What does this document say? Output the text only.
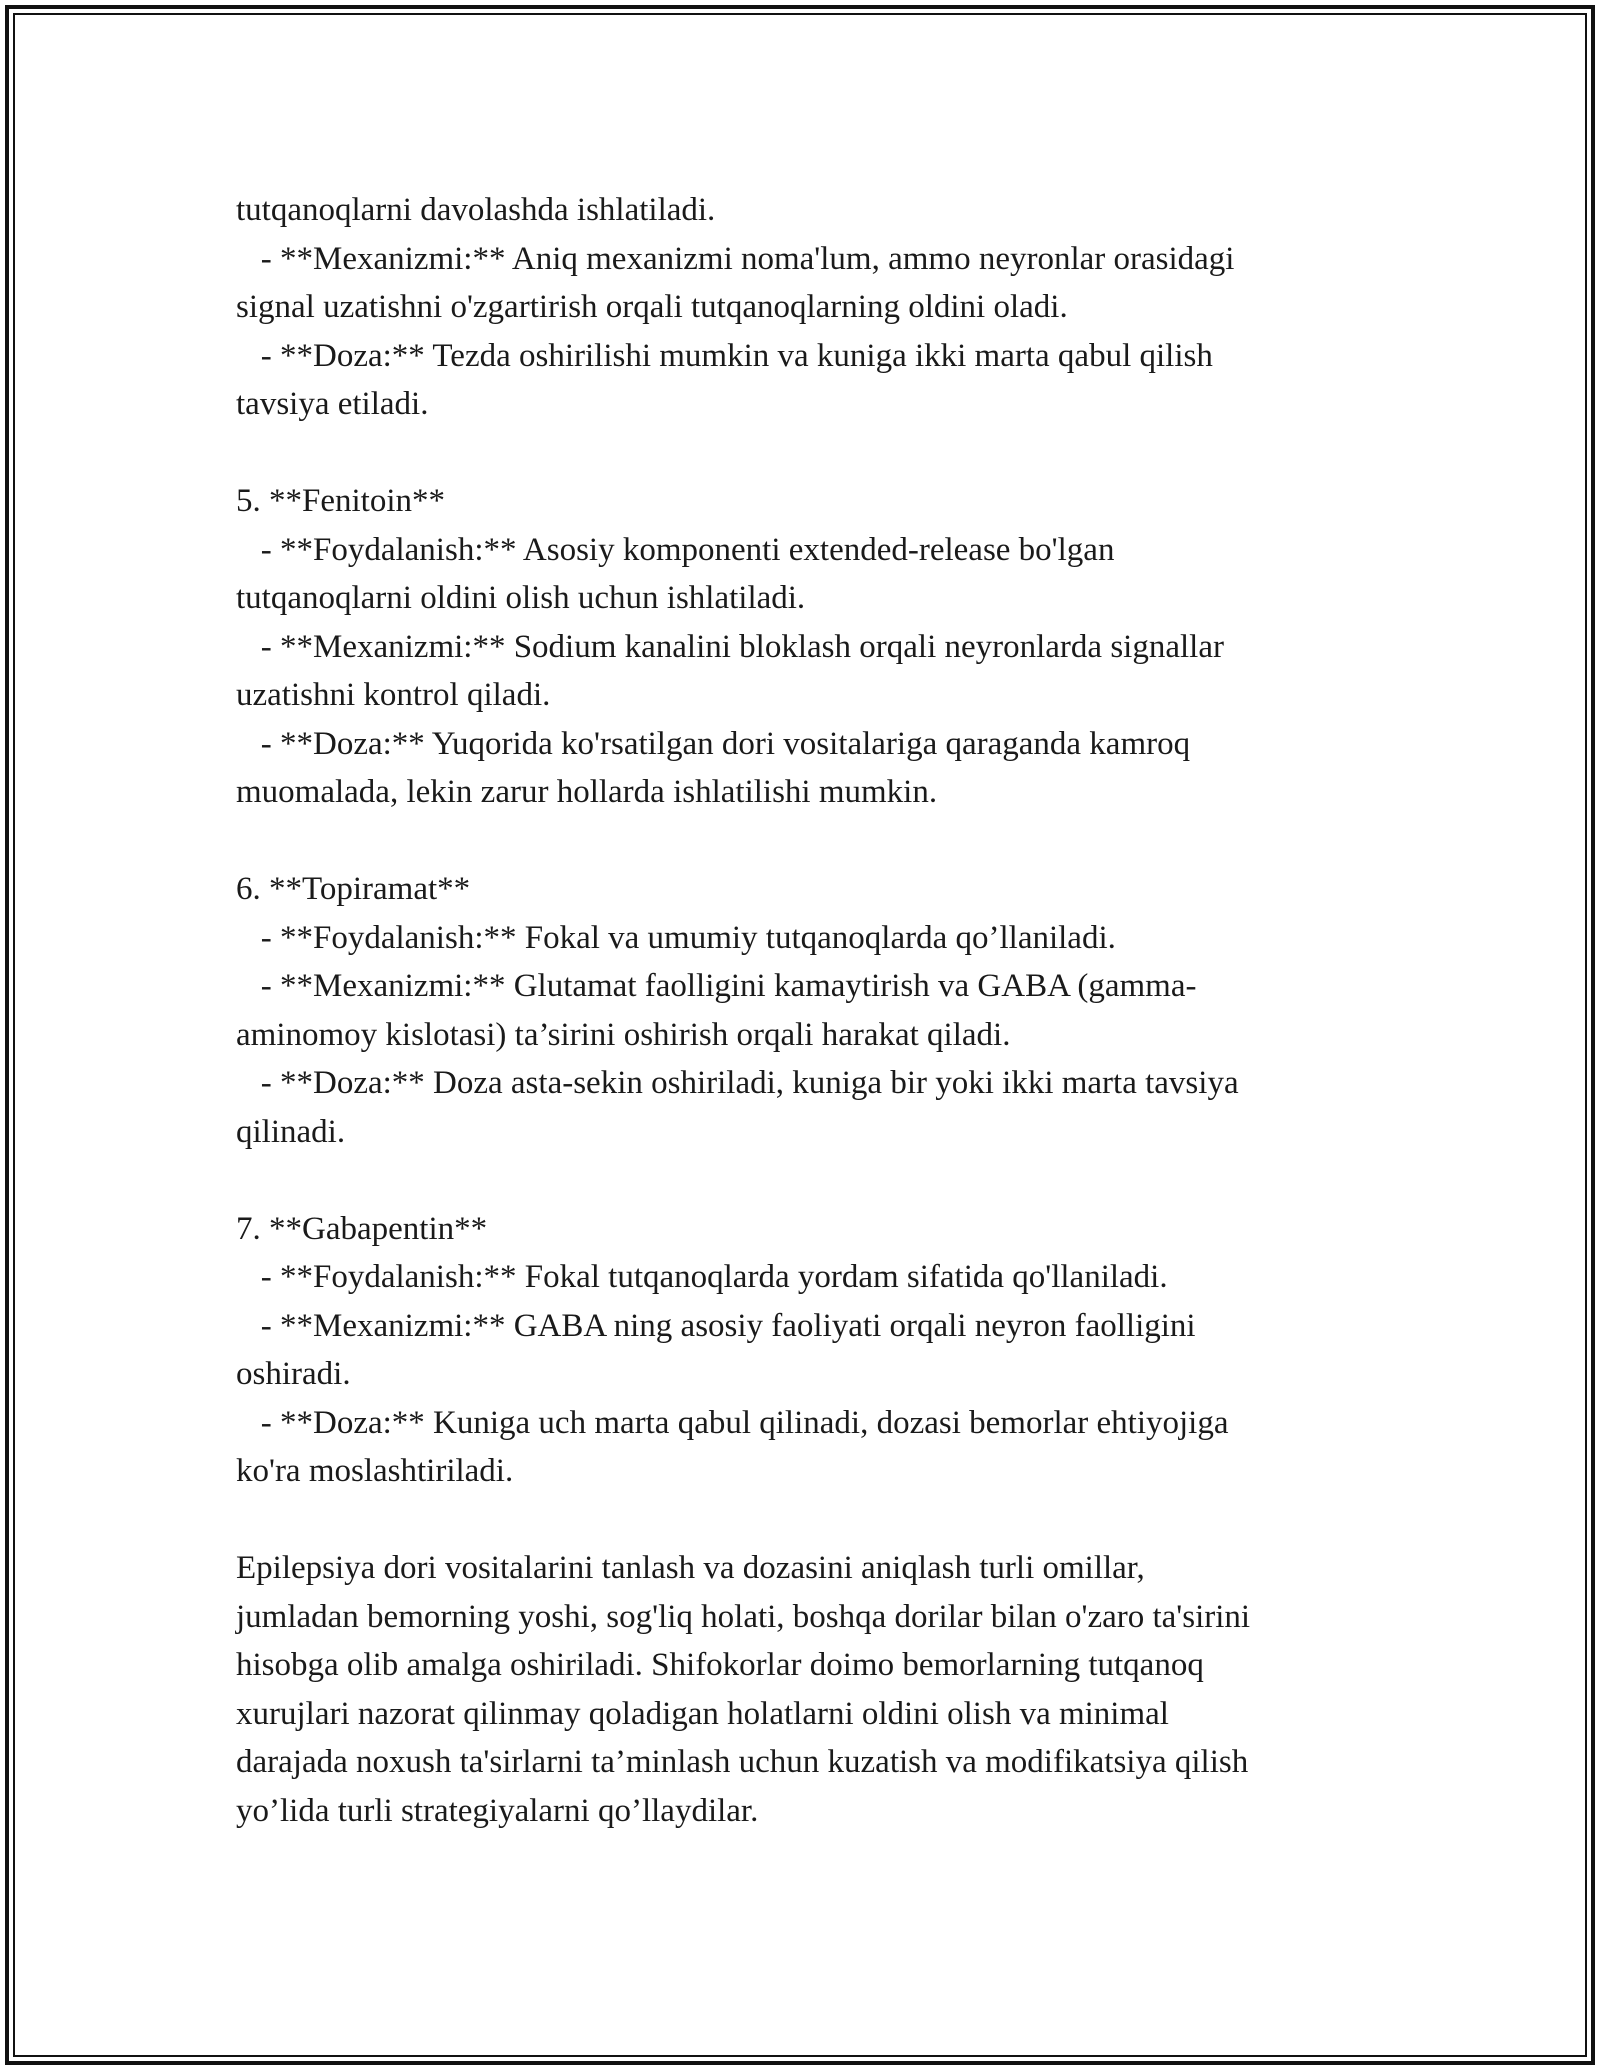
tutqanoqlarni davolashda ishlatiladi.
- **Mexanizmi:** Aniq mexanizmi noma'lum, ammo neyronlar orasidagi
signal uzatishni o'zgartirish orqali tutqanoqlarning oldini oladi.
- **Doza:** Tezda oshirilishi mumkin va kuniga ikki marta qabul qilish
tavsiya etiladi.
5. **Fenitoin**
- **Foydalanish:** Asosiy komponenti extended-release bo'lgan
tutqanoqlarni oldini olish uchun ishlatiladi.
- **Mexanizmi:** Sodium kanalini bloklash orqali neyronlarda signallar
uzatishni kontrol qiladi.
- **Doza:** Yuqorida ko'rsatilgan dori vositalariga qaraganda kamroq
muomalada, lekin zarur hollarda ishlatilishi mumkin.
6. **Topiramat**
- **Foydalanish:** Fokal va umumiy tutqanoqlarda qo’llaniladi.
- **Mexanizmi:** Glutamat faolligini kamaytirish va GABA (gamma-
aminomoy kislotasi) ta’sirini oshirish orqali harakat qiladi.
- **Doza:** Doza asta-sekin oshiriladi, kuniga bir yoki ikki marta tavsiya
qilinadi.
7. **Gabapentin**
- **Foydalanish:** Fokal tutqanoqlarda yordam sifatida qo'llaniladi.
- **Mexanizmi:** GABA ning asosiy faoliyati orqali neyron faolligini
oshiradi.
- **Doza:** Kuniga uch marta qabul qilinadi, dozasi bemorlar ehtiyojiga
ko'ra moslashtiriladi.
Epilepsiya dori vositalarini tanlash va dozasini aniqlash turli omillar,
jumladan bemorning yoshi, sog'liq holati, boshqa dorilar bilan o'zaro ta'sirini
hisobga olib amalga oshiriladi. Shifokorlar doimo bemorlarning tutqanoq
xurujlari nazorat qilinmay qoladigan holatlarni oldini olish va minimal
darajada noxush ta'sirlarni ta’minlash uchun kuzatish va modifikatsiya qilish
yo’lida turli strategiyalarni qo’llaydilar.
